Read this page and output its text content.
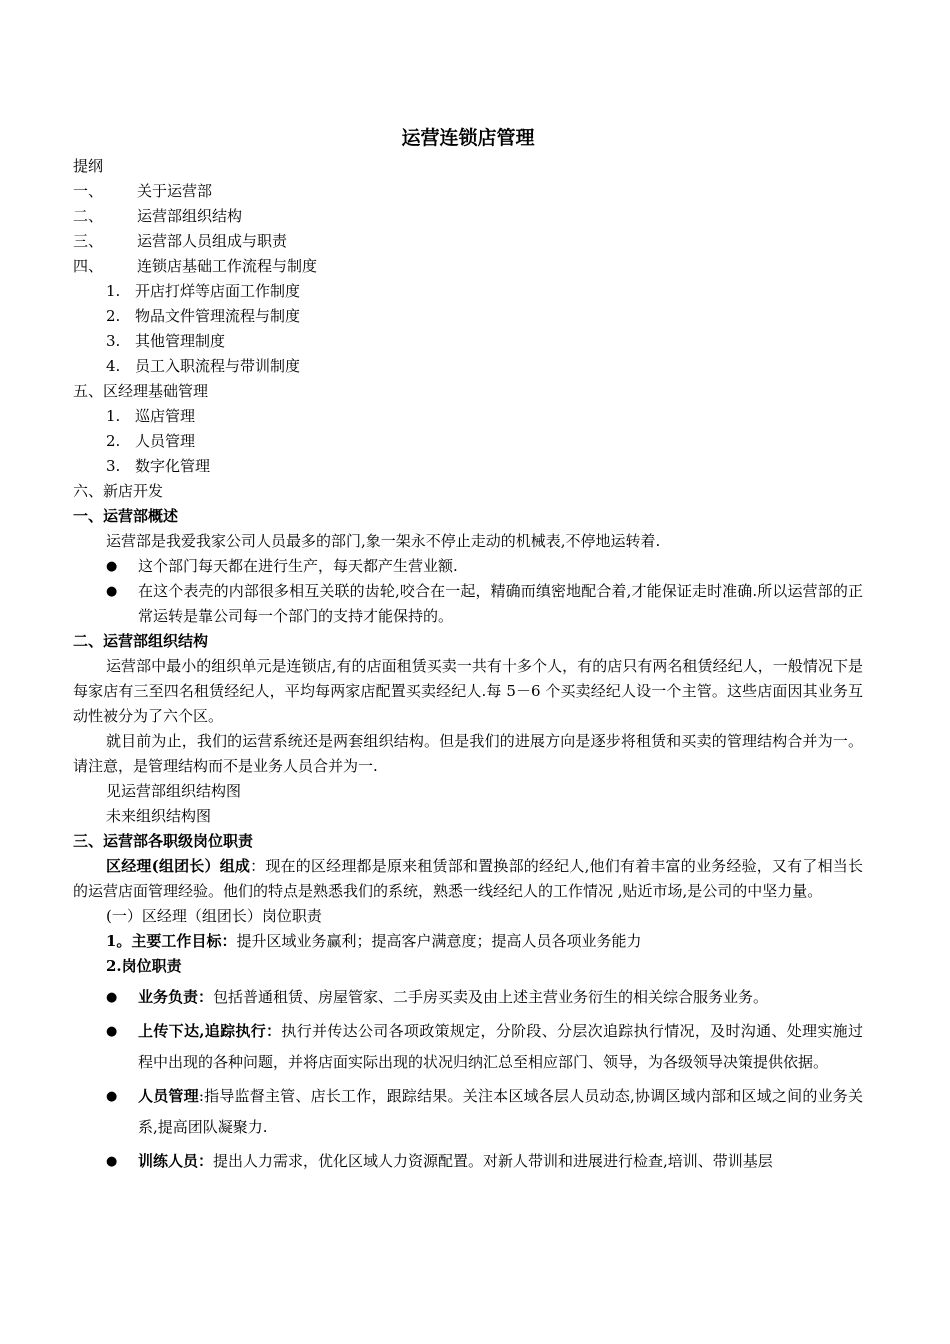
运营连锁店管理
提纲
一、 关于运营部
二、 运营部组织结构
三、 运营部人员组成与职责
四、 连锁店基础工作流程与制度
1. 开店打烊等店面工作制度
2. 物品文件管理流程与制度
3. 其他管理制度
4. 员工入职流程与带训制度
五、区经理基础管理
1. 巡店管理
2. 人员管理
3. 数字化管理
六、新店开发
一、运营部概述
运营部是我爱我家公司人员最多的部门,象一架永不停止走动的机械表,不停地运转着.
● 这个部门每天都在进行生产，每天都产生营业额.
● 在这个表壳的内部很多相互关联的齿轮,咬合在一起，精确而缜密地配合着,才能保证走时准确.所以运营部的正常运转是靠公司每一个部门的支持才能保持的。
二、运营部组织结构
运营部中最小的组织单元是连锁店,有的店面租赁买卖一共有十多个人，有的店只有两名租赁经纪人，一般情况下是每家店有三至四名租赁经纪人，平均每两家店配置买卖经纪人.每 5－6 个买卖经纪人设一个主管。这些店面因其业务互动性被分为了六个区。
就目前为止，我们的运营系统还是两套组织结构。但是我们的进展方向是逐步将租赁和买卖的管理结构合并为一。请注意，是管理结构而不是业务人员合并为一.
见运营部组织结构图
未来组织结构图
三、运营部各职级岗位职责
区经理(组团长）组成：现在的区经理都是原来租赁部和置换部的经纪人,他们有着丰富的业务经验，又有了相当长的运营店面管理经验。他们的特点是熟悉我们的系统，熟悉一线经纪人的工作情况 ,贴近市场,是公司的中坚力量。
(一）区经理（组团长）岗位职责
1。主要工作目标：提升区域业务赢利；提高客户满意度；提高人员各项业务能力
2.岗位职责
● 业务负责：包括普通租赁、房屋管家、二手房买卖及由上述主营业务衍生的相关综合服务业务。
● 上传下达,追踪执行：执行并传达公司各项政策规定，分阶段、分层次追踪执行情况，及时沟通、处理实施过程中出现的各种问题，并将店面实际出现的状况归纳汇总至相应部门、领导，为各级领导决策提供依据。
● 人员管理:指导监督主管、店长工作，跟踪结果。关注本区域各层人员动态,协调区域内部和区域之间的业务关系,提高团队凝聚力.
● 训练人员：提出人力需求，优化区域人力资源配置。对新人带训和进展进行检查,培训、带训基层
